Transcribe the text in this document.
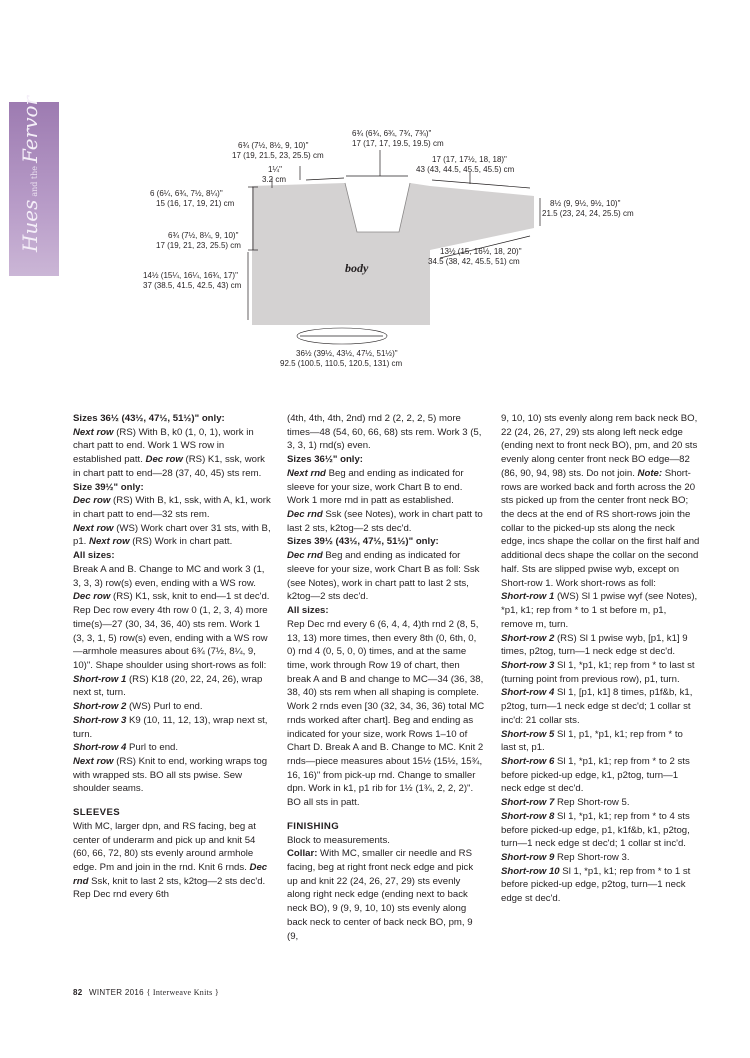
Hues
and the
Fervor
body
6¾ (7½, 8½, 9, 10)"
17 (19, 21.5, 23, 25.5) cm
6¾ (6¾, 6¾, 7¾, 7¾)"
17 (17, 17, 19.5, 19.5) cm
17 (17, 17½, 18, 18)"
43 (43, 44.5, 45.5, 45.5) cm
1¼"
3.2 cm
6 (6¼, 6¾, 7½, 8¼)"
15 (16, 17, 19, 21) cm	8½ (9, 9½, 9½, 10)"
21.5 (23, 24, 24, 25.5) cm
6¾ (7½, 8¼, 9, 10)"
17 (19, 21, 23, 25.5) cm
13½ (15, 16½, 18, 20)"
34.5 (38, 42, 45.5, 51) cm
14½ (15¼, 16¼, 16¾, 17)"
37 (38.5, 41.5, 42.5, 43) cm
36½ (39½, 43½, 47½, 51½)"
92.5 (100.5, 110.5, 120.5, 131) cm

Sizes 36½ (43½, 47½, 51½)" only:

Next row (RS) With B, k0 (1, 0, 1), work in chart patt to end. Work 1 WS row in established patt. Dec row (RS) K1, ssk, work in chart patt to end—28 (37, 40, 45) sts rem.

Size 39½" only:

Dec row (RS) With B, k1, ssk, with A, k1, work in chart patt to end—32 sts rem.

Next row (WS) Work chart over 31 sts, with B, p1. Next row (RS) Work in chart patt.

All sizes:

Break A and B. Change to MC and work 3 (1, 3, 3, 3) row(s) even, ending with a WS row. Dec row (RS) K1, ssk, knit to end—1 st dec'd. Rep Dec row every 4th row 0 (1, 2, 3, 4) more time(s)—27 (30, 34, 36, 40) sts rem. Work 1 (3, 3, 1, 5) row(s) even, ending with a WS row—armhole measures about 6¾ (7½, 8¼, 9, 10)". Shape shoulder using short-rows as foll:

Short-row 1 (RS) K18 (20, 22, 24, 26), wrap next st, turn.

Short-row 2 (WS) Purl to end.

Short-row 3 K9 (10, 11, 12, 13), wrap next st, turn.

Short-row 4 Purl to end.

Next row (RS) Knit to end, working wraps tog with wrapped sts. BO all sts pwise. Sew shoulder seams.

SLEEVES

With MC, larger dpn, and RS facing, beg at center of underarm and pick up and knit 54 (60, 66, 72, 80) sts evenly around armhole edge. Pm and join in the rnd. Knit 6 rnds. Dec rnd Ssk, knit to last 2 sts, k2tog—2 sts dec'd. Rep Dec rnd every 6th

(4th, 4th, 4th, 2nd) rnd 2 (2, 2, 2, 5) more times—48 (54, 60, 66, 68) sts rem. Work 3 (5, 3, 3, 1) rnd(s) even.

Sizes 36½" only:

Next rnd Beg and ending as indicated for sleeve for your size, work Chart B to end. Work 1 more rnd in patt as established.

Dec rnd Ssk (see Notes), work in chart patt to last 2 sts, k2tog—2 sts dec'd.

Sizes 39½ (43½, 47½, 51½)" only:

Dec rnd Beg and ending as indicated for sleeve for your size, work Chart B as foll: Ssk (see Notes), work in chart patt to last 2 sts, k2tog—2 sts dec'd.

All sizes:

Rep Dec rnd every 6 (6, 4, 4, 4)th rnd 2 (8, 5, 13, 13) more times, then every 8th (0, 6th, 0, 0) rnd 4 (0, 5, 0, 0) times, and at the same time, work through Row 19 of chart, then break A and B and change to MC—34 (36, 38, 38, 40) sts rem when all shaping is complete. Work 2 rnds even [30 (32, 34, 36, 36) total MC rnds worked after chart]. Beg and ending as indicated for your size, work Rows 1–10 of Chart D. Break A and B. Change to MC. Knit 2 rnds—piece measures about 15½ (15½, 15¾, 16, 16)" from pick-up rnd. Change to smaller dpn. Work in k1, p1 rib for 1½ (1¾, 2, 2, 2)". BO all sts in patt.

FINISHING

Block to measurements.

Collar: With MC, smaller cir needle and RS facing, beg at right front neck edge and pick up and knit 22 (24, 26, 27, 29) sts evenly along right neck edge (ending next to back neck BO), 9 (9, 9, 10, 10) sts evenly along back neck to center of back neck BO, pm, 9 (9,

9, 10, 10) sts evenly along rem back neck BO, 22 (24, 26, 27, 29) sts along left neck edge (ending next to front neck BO), pm, and 20 sts evenly along center front neck BO edge—82 (86, 90, 94, 98) sts. Do not join. Note: Short-rows are worked back and forth across the 20 sts picked up from the center front neck BO; the decs at the end of RS short-rows join the collar to the picked-up sts along the neck edge, incs shape the collar on the first half and additional decs shape the collar on the second half. Sts are slipped pwise wyb, except on Short-row 1. Work short-rows as foll:

Short-row 1 (WS) Sl 1 pwise wyf (see Notes), *p1, k1; rep from * to 1 st before m, p1, remove m, turn.

Short-row 2 (RS) Sl 1 pwise wyb, [p1, k1] 9 times, p2tog, turn—1 neck edge st dec'd.

Short-row 3 Sl 1, *p1, k1; rep from * to last st (turning point from previous row), p1, turn.

Short-row 4 Sl 1, [p1, k1] 8 times, p1f&b, k1, p2tog, turn—1 neck edge st dec'd; 1 collar st inc'd: 21 collar sts.

Short-row 5 Sl 1, p1, *p1, k1; rep from * to last st, p1.

Short-row 6 Sl 1, *p1, k1; rep from * to 2 sts before picked-up edge, k1, p2tog, turn—1 neck edge st dec'd.

Short-row 7 Rep Short-row 5.

Short-row 8 Sl 1, *p1, k1; rep from * to 4 sts before picked-up edge, p1, k1f&b, k1, p2tog, turn—1 neck edge st dec'd; 1 collar st inc'd.

Short-row 9 Rep Short-row 3.

Short-row 10 Sl 1, *p1, k1; rep from * to 1 st before picked-up edge, p2tog, turn—1 neck edge st dec'd.

82 WINTER 2016 { Interweave Knits }
